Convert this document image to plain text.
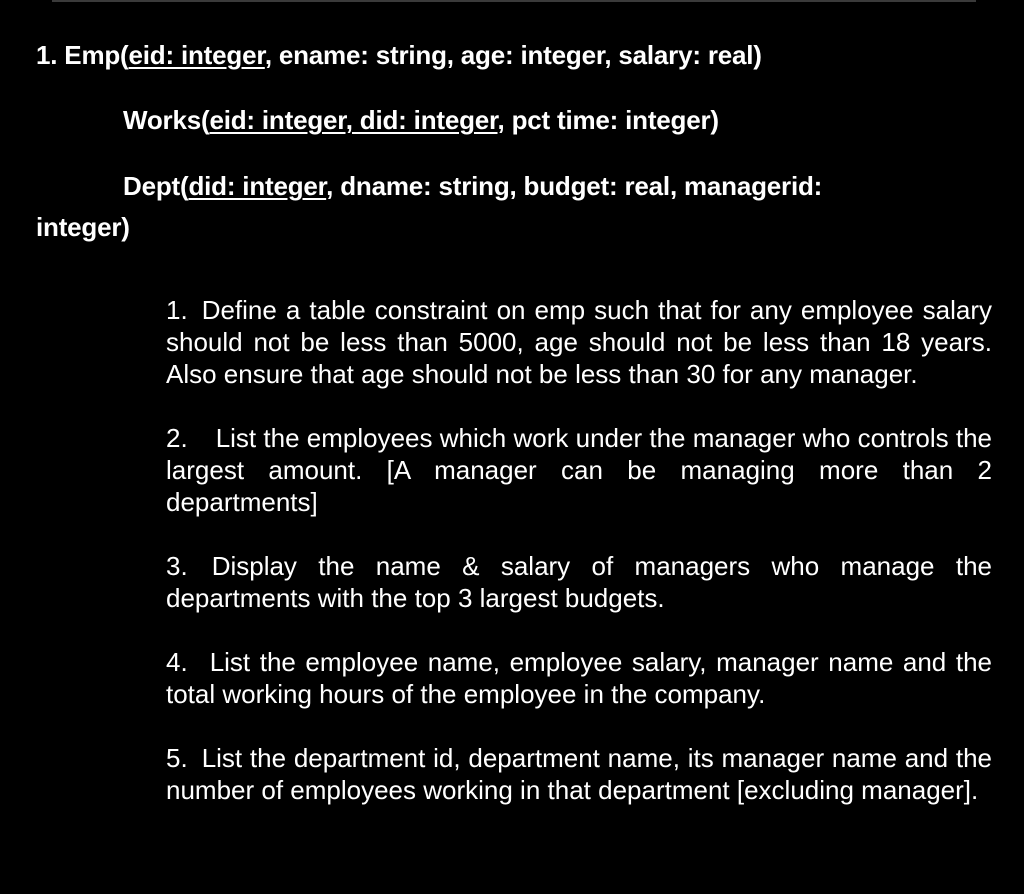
1. Emp(eid: integer, ename: string, age: integer, salary: real)
Works(eid: integer, did: integer, pct time: integer)
Dept(did: integer, dname: string, budget: real, managerid:
integer)

1. Define a table constraint on emp such that for any employee salary should not be less than 5000, age should not be less than 18 years. Also ensure that age should not be less than 30 for any manager.

2. List the employees which work under the manager who controls the largest amount. [A manager can be managing more than 2 departments]

3. Display the name & salary of managers who manage the departments with the top 3 largest budgets.

4. List the employee name, employee salary, manager name and the total working hours of the employee in the company.

5. List the department id, department name, its manager name and the number of employees working in that department [excluding manager].
